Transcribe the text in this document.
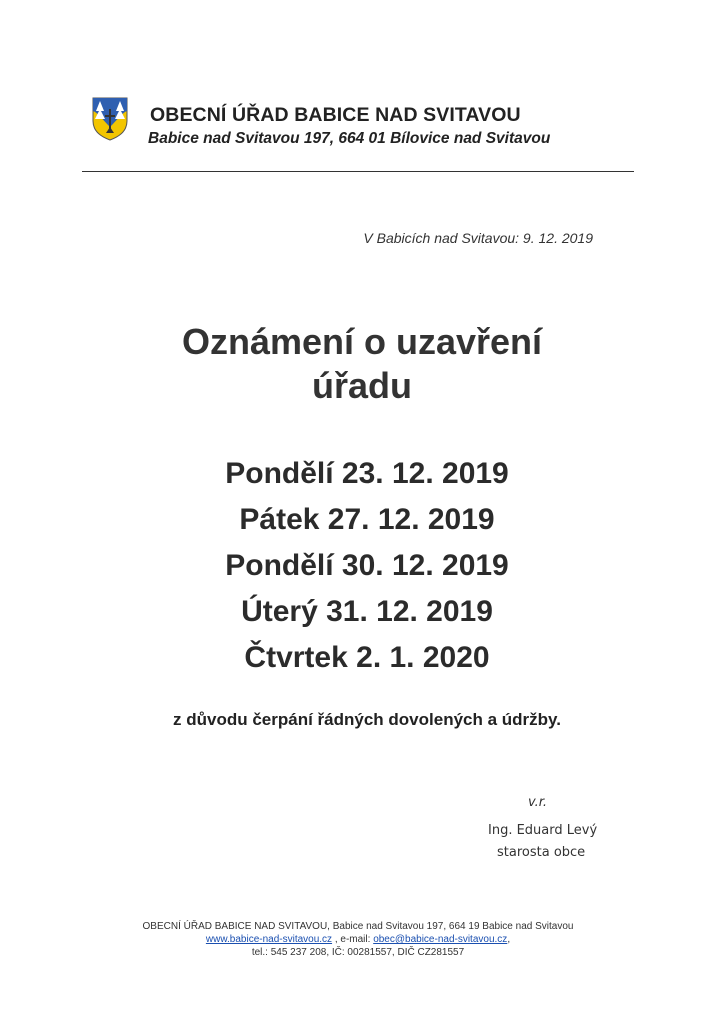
OBECNÍ ÚŘAD BABICE NAD SVITAVOU
Babice nad Svitavou 197, 664 01 Bílovice nad Svitavou
V Babicích nad Svitavou: 9. 12. 2019
Oznámení o uzavření
úřadu
Pondělí 23. 12. 2019
Pátek 27. 12. 2019
Pondělí 30. 12. 2019
Úterý 31. 12. 2019
Čtvrtek 2. 1. 2020
z důvodu čerpání řádných dovolených a údržby.
v.r.
Ing. Eduard Levý
starosta obce
OBECNÍ ÚŘAD BABICE NAD SVITAVOU, Babice nad Svitavou 197, 664 19 Babice nad Svitavou
www.babice-nad-svitavou.cz , e-mail: obec@babice-nad-svitavou.cz,
tel.: 545 237 208, IČ: 00281557, DIČ CZ281557
